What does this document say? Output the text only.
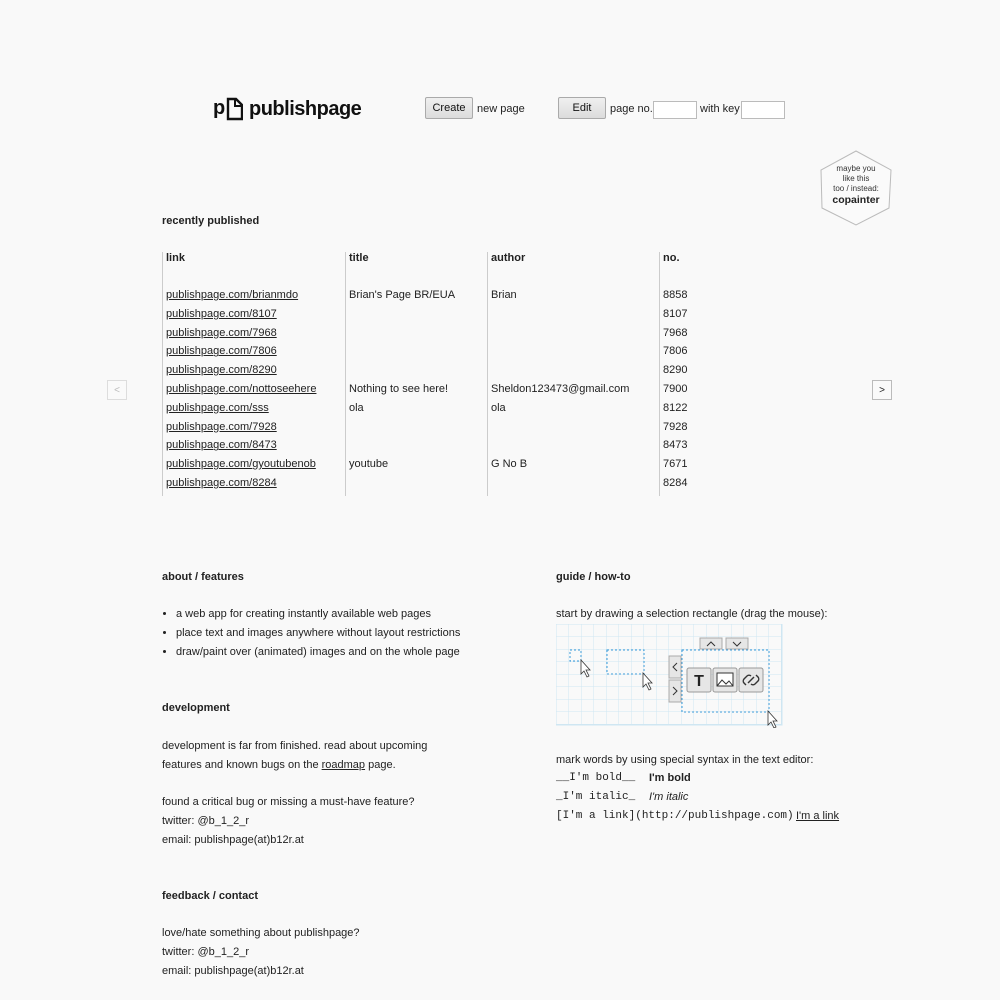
p publishpage	Create	new page	Edit	page no.	with key
maybe you
like this
too / instead:
copainter
recently published
link	title	author	no.
publishpage.com/brianmdo	Brian's Page BR/EUA	Brian	8858
publishpage.com/8107			8107
publishpage.com/7968			7968
publishpage.com/7806			7806
publishpage.com/8290			8290
publishpage.com/nottoseehere	Nothing to see here!	Sheldon123473@gmail.com	7900
publishpage.com/sss	ola	ola	8122
publishpage.com/7928			7928
publishpage.com/8473			8473
publishpage.com/gyoutubenob	youtube	G No B	7671
publishpage.com/8284			8284
<	>
about / features
• a web app for creating instantly available web pages
• place text and images anywhere without layout restrictions
• draw/paint over (animated) images and on the whole page
development

development is far from finished. read about upcoming
features and known bugs on the roadmap page.

found a critical bug or missing a must-have feature?
twitter: @b_1_2_r
email: publishpage(at)b12r.at

feedback / contact

love/hate something about publishpage?
twitter: @b_1_2_r
email: publishpage(at)b12r.at

guide / how-to
start by drawing a selection rectangle (drag the mouse):
T
mark words by using special syntax in the text editor:
__I'm bold__ I'm bold
_I'm italic_ I'm italic
[I'm a link](http://publishpage.com) I'm a link
